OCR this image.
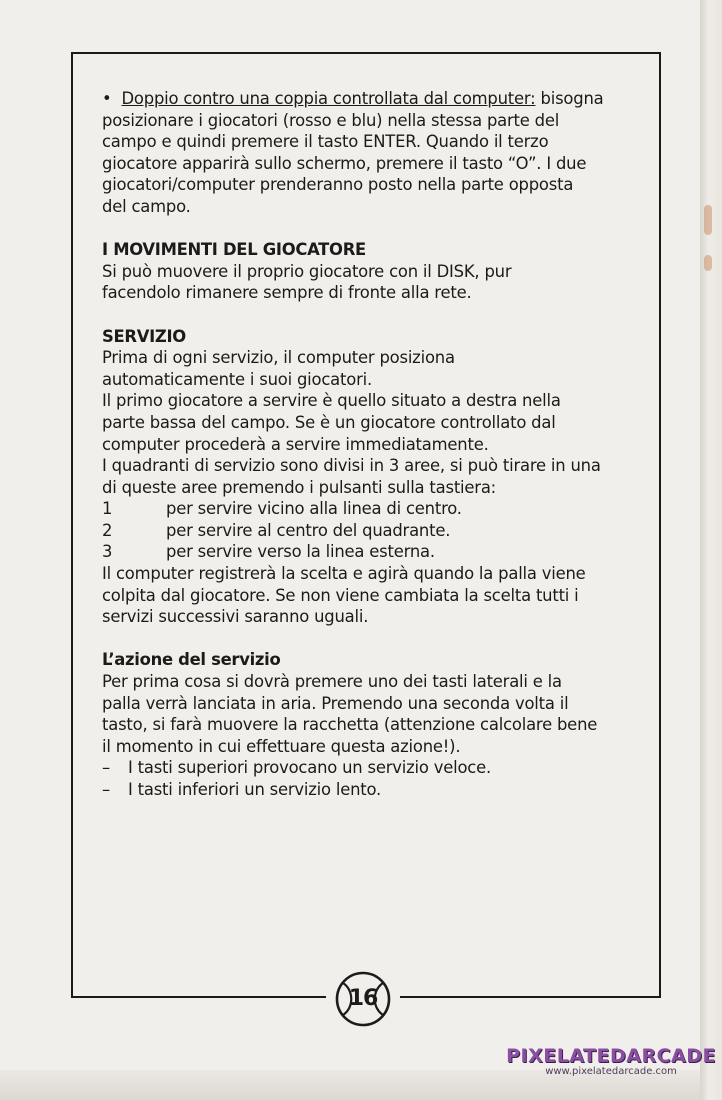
• Doppio contro una coppia controllata dal computer: bisogna

posizionare i giocatori (rosso e blu) nella stessa parte del

campo e quindi premere il tasto ENTER. Quando il terzo

giocatore apparirà sullo schermo, premere il tasto “O”. I due

giocatori/computer prenderanno posto nella parte opposta

del campo.

I MOVIMENTI DEL GIOCATORE

Si può muovere il proprio giocatore con il DISK, pur

facendolo rimanere sempre di fronte alla rete.

SERVIZIO

Prima di ogni servizio, il computer posiziona

automaticamente i suoi giocatori.

Il primo giocatore a servire è quello situato a destra nella

parte bassa del campo. Se è un giocatore controllato dal

computer procederà a servire immediatamente.

I quadranti di servizio sono divisi in 3 aree, si può tirare in una

di queste aree premendo i pulsanti sulla tastiera:

1	per servire vicino alla linea di centro.
2	per servire al centro del quadrante.
3	per servire verso la linea esterna.

Il computer registrerà la scelta e agirà quando la palla viene

colpita dal giocatore. Se non viene cambiata la scelta tutti i

servizi successivi saranno uguali.

L’azione del servizio

Per prima cosa si dovrà premere uno dei tasti laterali e la

palla verrà lanciata in aria. Premendo una seconda volta il

tasto, si farà muovere la racchetta (attenzione calcolare bene

il momento in cui effettuare questa azione!).

–	I tasti superiori provocano un servizio veloce.
–	I tasti inferiori un servizio lento.
16
PIXELATEDARCADE
www.pixelatedarcade.com
